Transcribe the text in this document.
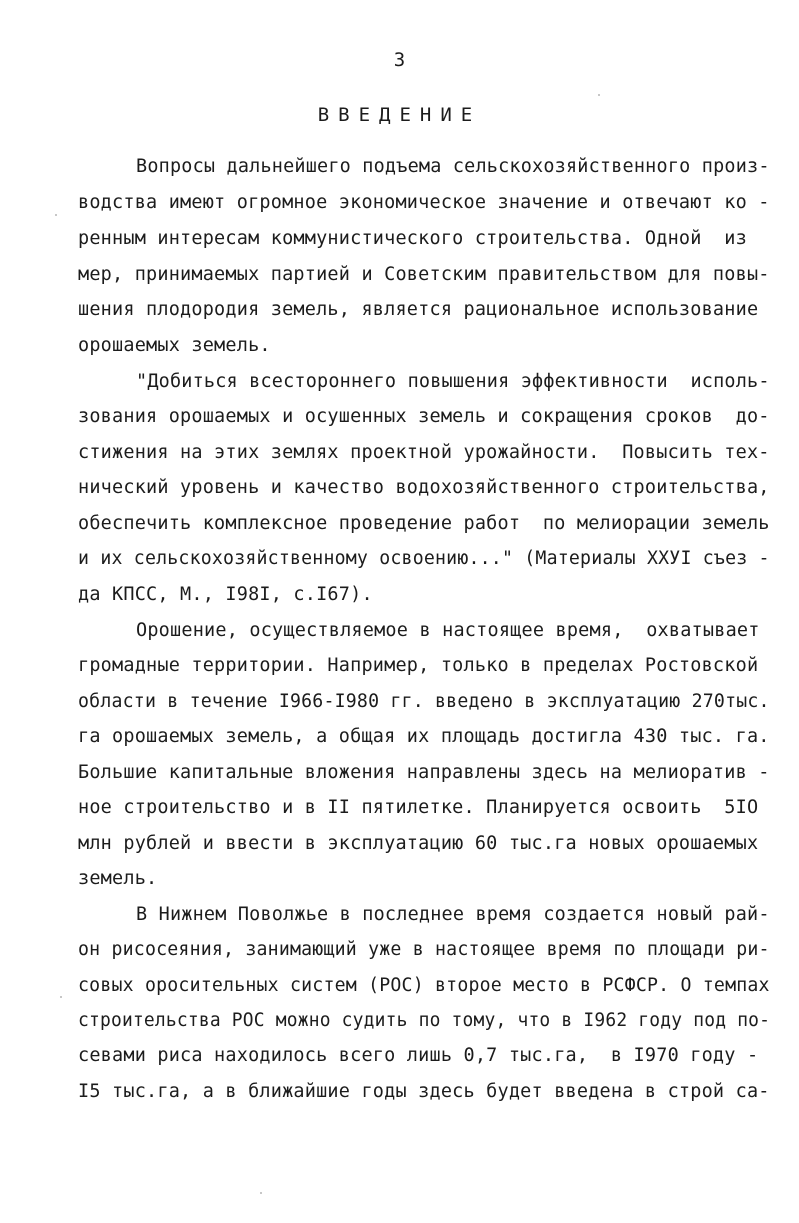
3
ВВЕДЕНИЕ
Вопросы дальнейшего подъема сельскохозяйственного произ-
водства имеют огромное экономическое значение и отвечают ко -
ренным интересам коммунистического строительства. Одной  из
мер, принимаемых партией и Советским правительством для повы-
шения плодородия земель, является рациональное использование
орошаемых земель.
"Добиться всестороннего повышения эффективности  исполь-
зования орошаемых и осушенных земель и сокращения сроков  до-
стижения на этих землях проектной урожайности.  Повысить тех-
нический уровень и качество водохозяйственного строительства,
обеспечить комплексное проведение работ  по мелиорации земель
и их сельскохозяйственному освоению..." (Материалы ХХУI съез -
да КПСС, М., I98I, с.I67).
Орошение, осуществляемое в настоящее время,  охватывает
громадные территории. Например, только в пределах Ростовской
области в течение I966-I980 гг. введено в эксплуатацию 270тыс.
га орошаемых земель, а общая их площадь достигла 430 тыс. га.
Большие капитальные вложения направлены здесь на мелиоратив -
ное строительство и в II пятилетке. Планируется освоить  5IО
млн рублей и ввести в эксплуатацию 60 тыс.га новых орошаемых
земель.
В Нижнем Поволжье в последнее время создается новый рай-
он рисосеяния, занимающий уже в настоящее время по площади ри-
совых оросительных систем (РОС) второе место в РСФСР. О темпах
строительства РОС можно судить по тому, что в I962 году под по-
севами риса находилось всего лишь 0,7 тыс.га,  в I970 году -
I5 тыс.га, а в ближайшие годы здесь будет введена в строй са-
